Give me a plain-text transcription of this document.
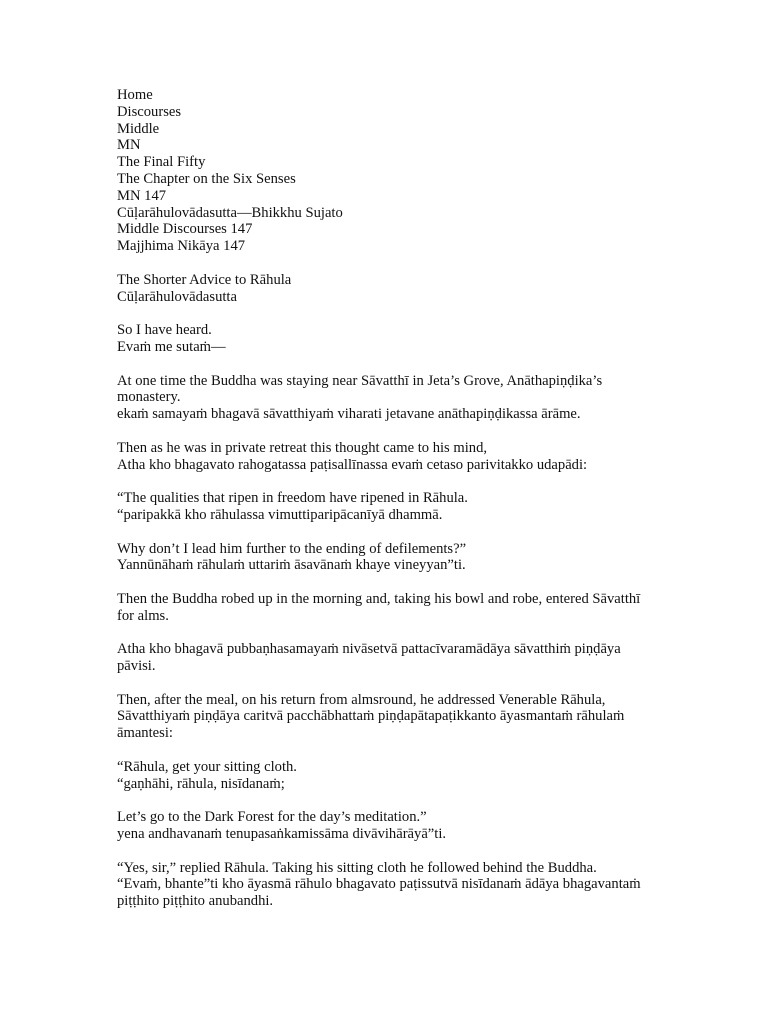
Home
Discourses
Middle
MN
The Final Fifty
The Chapter on the Six Senses
MN 147
Cūḷarāhulovādasutta—Bhikkhu Sujato
Middle Discourses 147
Majjhima Nikāya 147
The Shorter Advice to Rāhula
Cūḷarāhulovādasutta

So I have heard.
Evaṁ me sutaṁ—

At one time the Buddha was staying near Sāvatthī in Jeta’s Grove, Anāthapiṇḍika’s monastery.
ekaṁ samayaṁ bhagavā sāvatthiyaṁ viharati jetavane anāthapiṇḍikassa ārāme.

Then as he was in private retreat this thought came to his mind,
Atha kho bhagavato rahogatassa paṭisallīnassa evaṁ cetaso parivitakko udapādi:

“The qualities that ripen in freedom have ripened in Rāhula.
“paripakkā kho rāhulassa vimuttiparipācanīyā dhammā.

Why don’t I lead him further to the ending of defilements?”
Yannūnāhaṁ rāhulaṁ uttariṁ āsavānaṁ khaye vineyyan”ti.

Then the Buddha robed up in the morning and, taking his bowl and robe, entered Sāvatthī for alms.

Atha kho bhagavā pubbaṇhasamayaṁ nivāsetvā pattacīvaramādāya sāvatthiṁ piṇḍāya pāvisi.

Then, after the meal, on his return from almsround, he addressed Venerable Rāhula,
Sāvatthiyaṁ piṇḍāya caritvā pacchābhattaṁ piṇḍapātapaṭikkanto āyasmantaṁ rāhulaṁ āmantesi:

“Rāhula, get your sitting cloth.
“gaṇhāhi, rāhula, nisīdanaṁ;

Let’s go to the Dark Forest for the day’s meditation.”
yena andhavanaṁ tenupasaṅkamissāma divāvihārāyā”ti.

“Yes, sir,” replied Rāhula. Taking his sitting cloth he followed behind the Buddha.
“Evaṁ, bhante”ti kho āyasmā rāhulo bhagavato paṭissutvā nisīdanaṁ ādāya bhagavantaṁ piṭṭhito piṭṭhito anubandhi.
